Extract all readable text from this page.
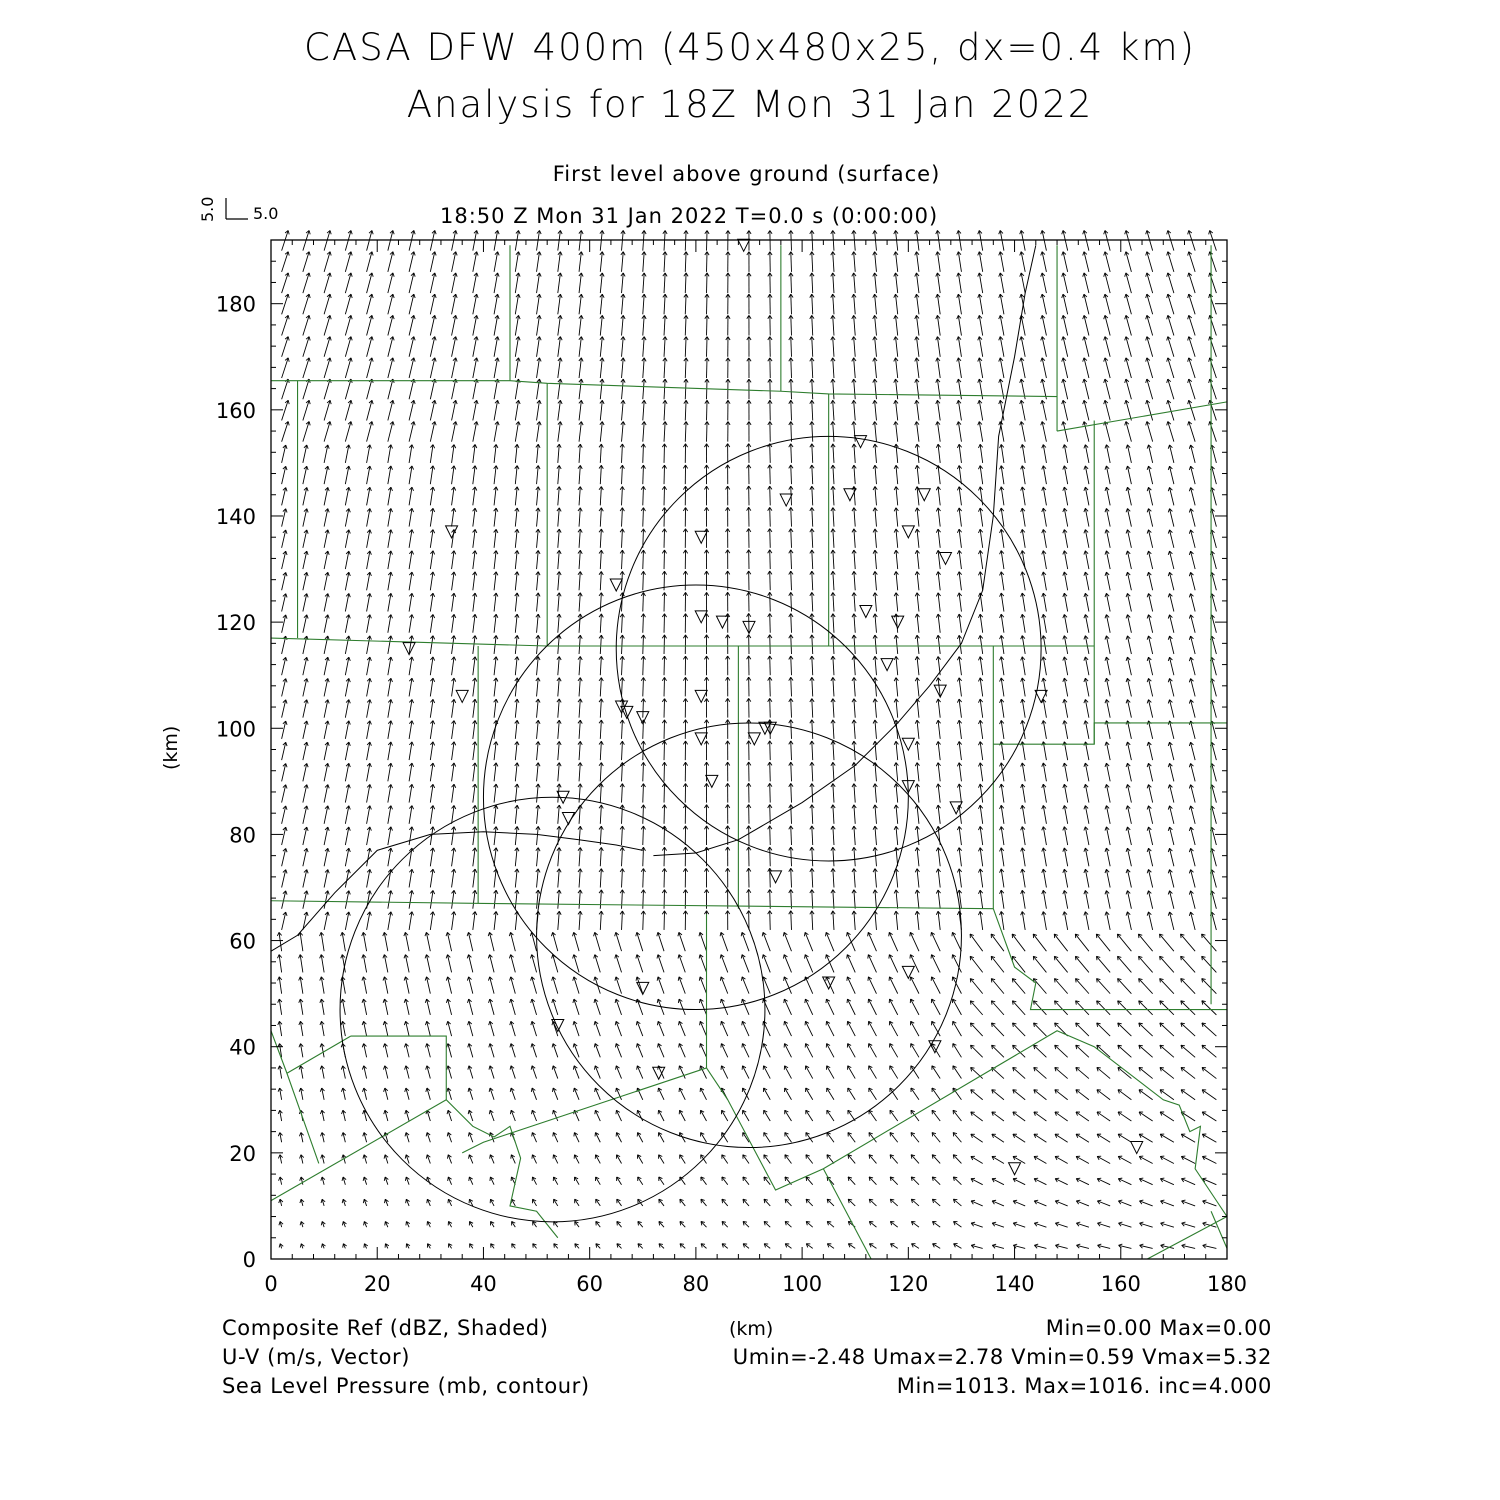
CASA DFW 400m (450x480x25, dx=0.4 km)
Analysis for 18Z Mon 31 Jan 2022
First level above ground (surface)
18:50 Z Mon 31 Jan 2022 T=0.0 s (0:00:00)
5.0
5.0
(km)
0	20	40	60	80	100	120	140	160	180
0
20
40
60
80
100
120
140
160
180
(km)
Composite Ref (dBZ, Shaded)
U-V (m/s, Vector)
Sea Level Pressure (mb, contour)
Min=0.00 Max=0.00
Umin=-2.48 Umax=2.78 Vmin=0.59 Vmax=5.32
Min=1013. Max=1016. inc=4.000
